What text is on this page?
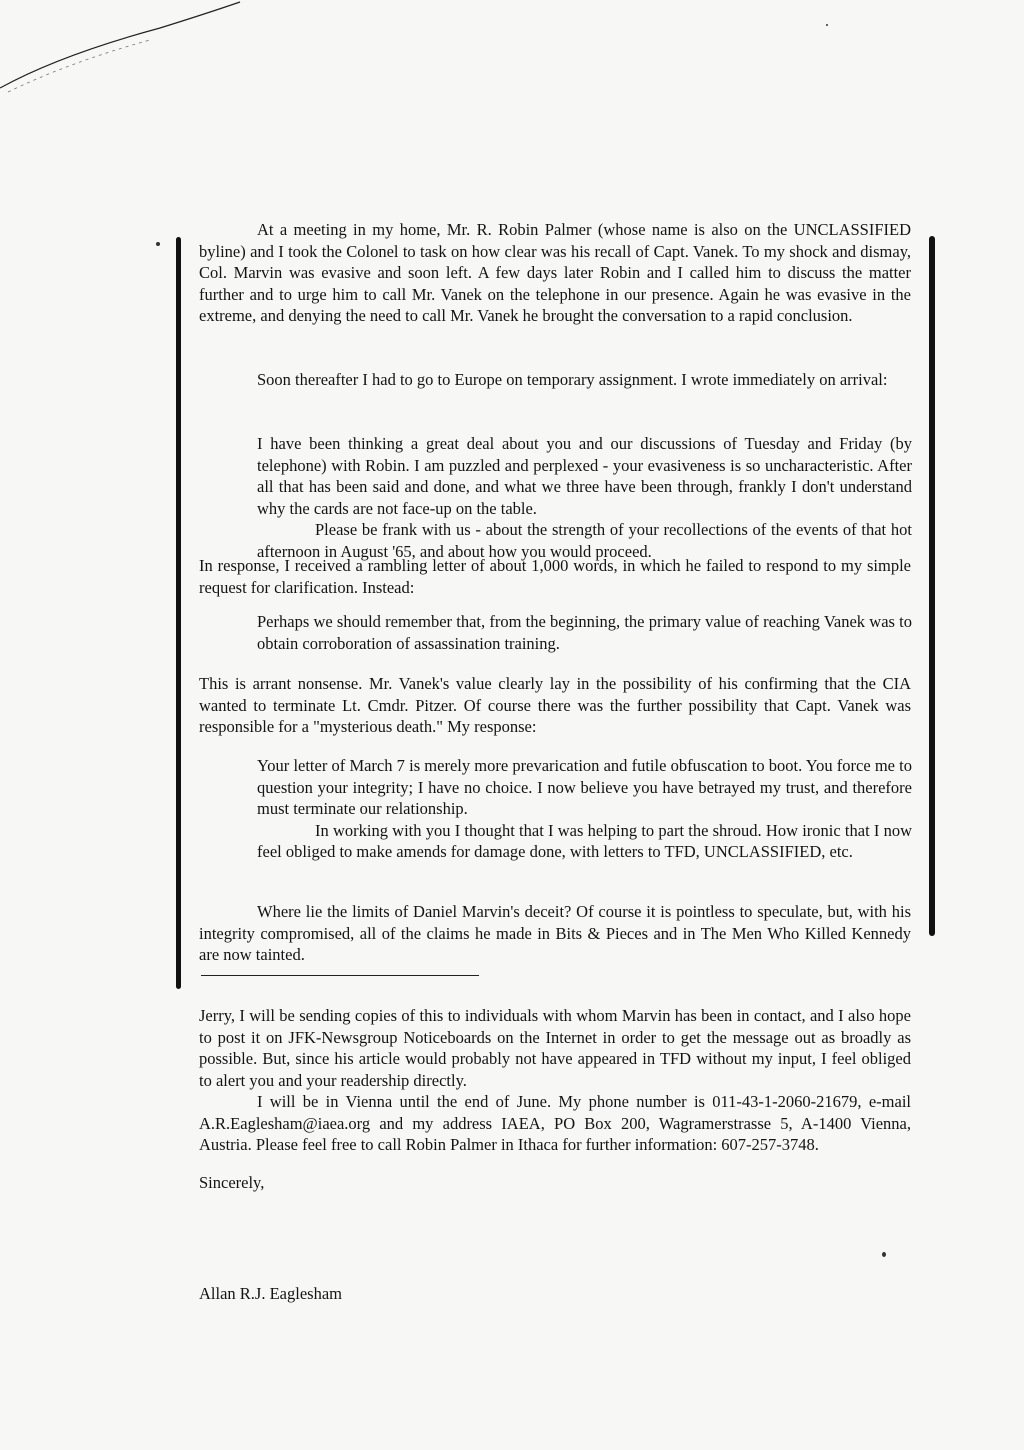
At a meeting in my home, Mr. R. Robin Palmer (whose name is also on the UNCLASSIFIED byline) and I took the Colonel to task on how clear was his recall of Capt. Vanek. To my shock and dismay, Col. Marvin was evasive and soon left. A few days later Robin and I called him to discuss the matter further and to urge him to call Mr. Vanek on the telephone in our presence. Again he was evasive in the extreme, and denying the need to call Mr. Vanek he brought the conversation to a rapid conclusion.

Soon thereafter I had to go to Europe on temporary assignment. I wrote immediately on arrival:

I have been thinking a great deal about you and our discussions of Tuesday and Friday (by telephone) with Robin. I am puzzled and perplexed - your evasiveness is so uncharacteristic. After all that has been said and done, and what we three have been through, frankly I don't understand why the cards are not face-up on the table.

Please be frank with us - about the strength of your recollections of the events of that hot afternoon in August '65, and about how you would proceed.

In response, I received a rambling letter of about 1,000 words, in which he failed to respond to my simple request for clarification. Instead:

Perhaps we should remember that, from the beginning, the primary value of reaching Vanek was to obtain corroboration of assassination training.

This is arrant nonsense. Mr. Vanek's value clearly lay in the possibility of his confirming that the CIA wanted to terminate Lt. Cmdr. Pitzer. Of course there was the further possibility that Capt. Vanek was responsible for a "mysterious death." My response:

Your letter of March 7 is merely more prevarication and futile obfuscation to boot. You force me to question your integrity; I have no choice. I now believe you have betrayed my trust, and therefore must terminate our relationship.

In working with you I thought that I was helping to part the shroud. How ironic that I now feel obliged to make amends for damage done, with letters to TFD, UNCLASSIFIED, etc.

Where lie the limits of Daniel Marvin's deceit? Of course it is pointless to speculate, but, with his integrity compromised, all of the claims he made in Bits & Pieces and in The Men Who Killed Kennedy are now tainted.

Jerry, I will be sending copies of this to individuals with whom Marvin has been in contact, and I also hope to post it on JFK-Newsgroup Noticeboards on the Internet in order to get the message out as broadly as possible. But, since his article would probably not have appeared in TFD without my input, I feel obliged to alert you and your readership directly.

I will be in Vienna until the end of June. My phone number is 011-43-1-2060-21679, e-mail A.R.Eaglesham@iaea.org and my address IAEA, PO Box 200, Wagramerstrasse 5, A-1400 Vienna, Austria. Please feel free to call Robin Palmer in Ithaca for further information: 607-257-3748.

Sincerely,
Allan R.J. Eaglesham
